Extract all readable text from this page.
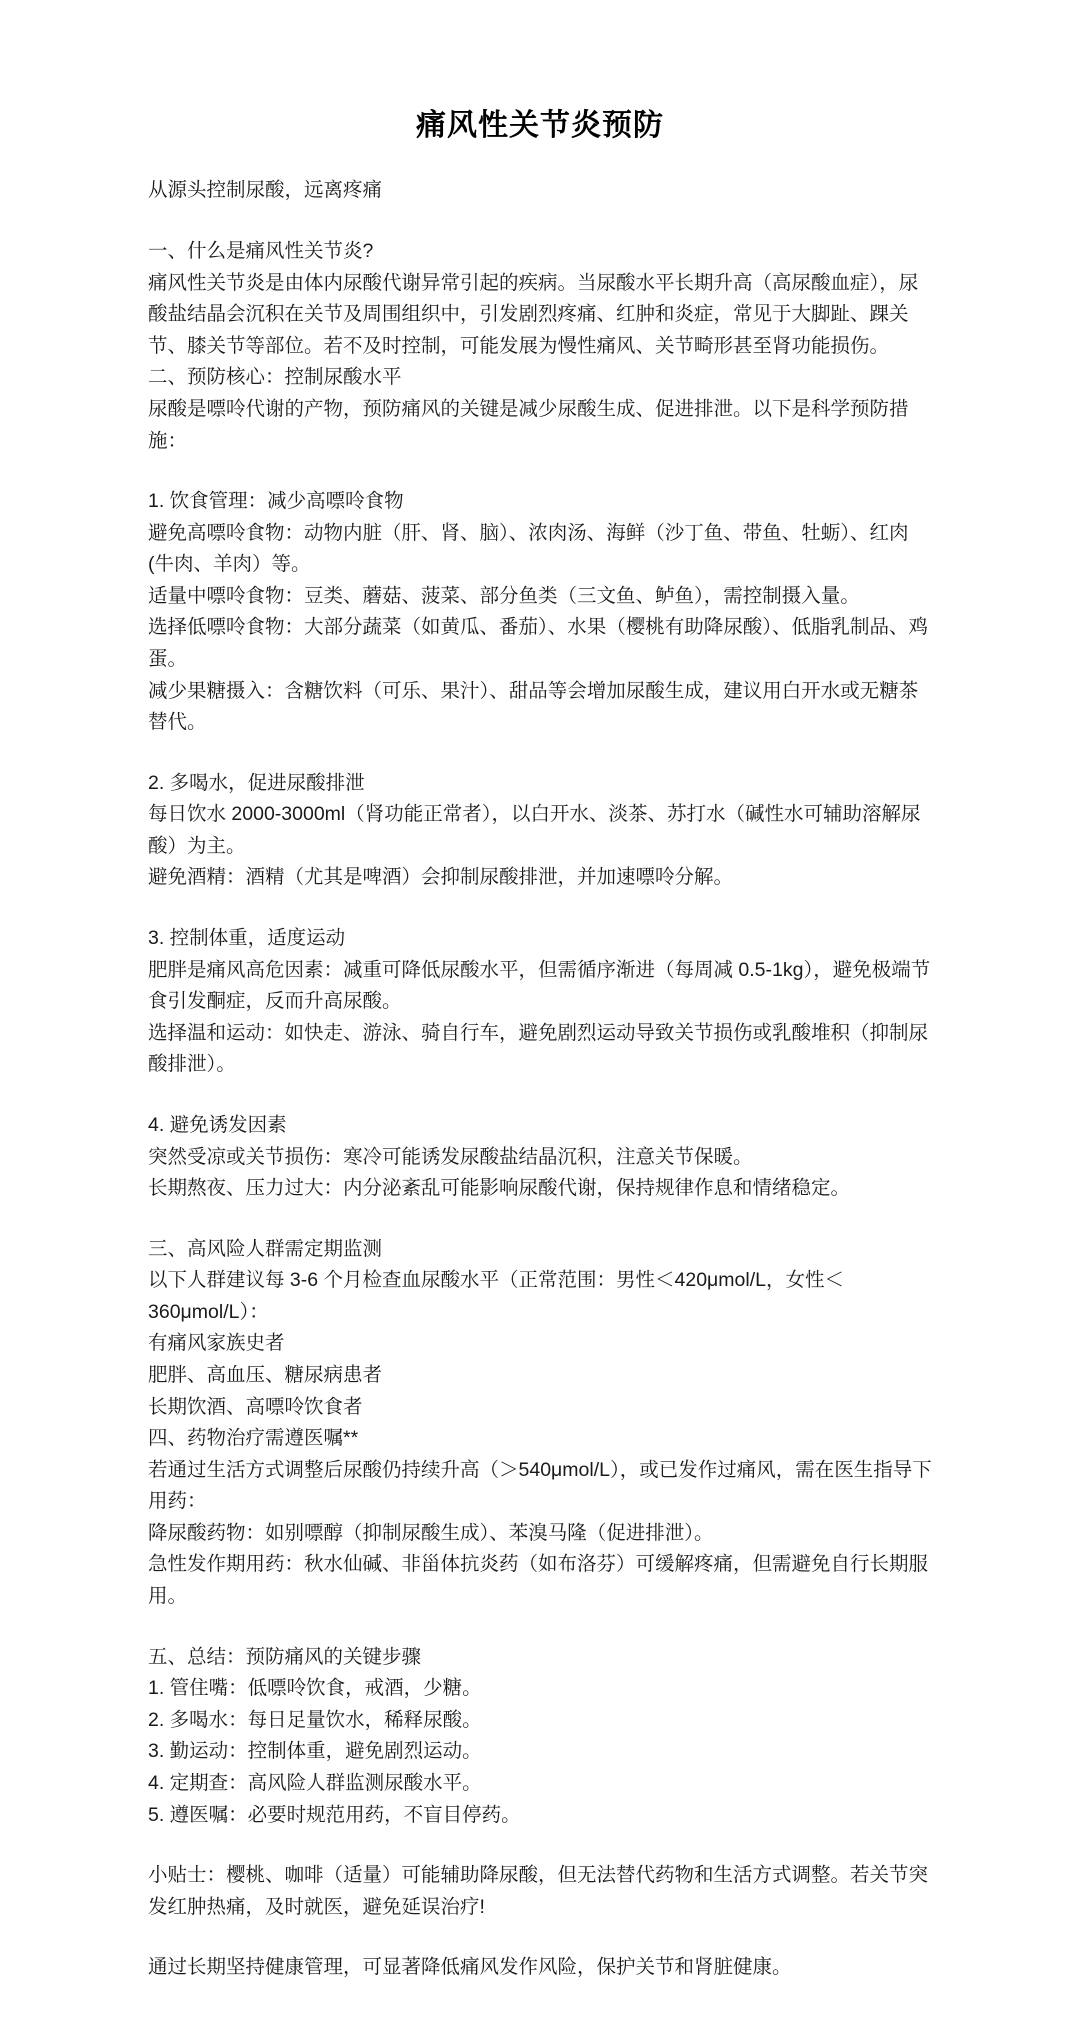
痛风性关节炎预防

从源头控制尿酸，远离疼痛

一、什么是痛风性关节炎?

痛风性关节炎是由体内尿酸代谢异常引起的疾病。当尿酸水平长期升高（高尿酸血症），尿酸盐结晶会沉积在关节及周围组织中，引发剧烈疼痛、红肿和炎症，常见于大脚趾、踝关节、膝关节等部位。若不及时控制，可能发展为慢性痛风、关节畸形甚至肾功能损伤。

二、预防核心：控制尿酸水平

尿酸是嘌呤代谢的产物，预防痛风的关键是减少尿酸生成、促进排泄。以下是科学预防措施：

1. 饮食管理：减少高嘌呤食物

避免高嘌呤食物：动物内脏（肝、肾、脑）、浓肉汤、海鲜（沙丁鱼、带鱼、牡蛎）、红肉(牛肉、羊肉）等。

适量中嘌呤食物：豆类、蘑菇、菠菜、部分鱼类（三文鱼、鲈鱼），需控制摄入量。

选择低嘌呤食物：大部分蔬菜（如黄瓜、番茄）、水果（樱桃有助降尿酸）、低脂乳制品、鸡蛋。

减少果糖摄入：含糖饮料（可乐、果汁）、甜品等会增加尿酸生成，建议用白开水或无糖茶替代。

2. 多喝水，促进尿酸排泄

每日饮水 2000-3000ml（肾功能正常者），以白开水、淡茶、苏打水（碱性水可辅助溶解尿酸）为主。

避免酒精：酒精（尤其是啤酒）会抑制尿酸排泄，并加速嘌呤分解。

3. 控制体重，适度运动

肥胖是痛风高危因素：减重可降低尿酸水平，但需循序渐进（每周减 0.5-1kg），避免极端节食引发酮症，反而升高尿酸。

选择温和运动：如快走、游泳、骑自行车，避免剧烈运动导致关节损伤或乳酸堆积（抑制尿酸排泄）。

4. 避免诱发因素

突然受凉或关节损伤：寒冷可能诱发尿酸盐结晶沉积，注意关节保暖。

长期熬夜、压力过大：内分泌紊乱可能影响尿酸代谢，保持规律作息和情绪稳定。

三、高风险人群需定期监测

以下人群建议每 3-6 个月检查血尿酸水平（正常范围：男性＜420μmol/L，女性＜360μmol/L）：

有痛风家族史者

肥胖、高血压、糖尿病患者

长期饮酒、高嘌呤饮食者

四、药物治疗需遵医嘱**

若通过生活方式调整后尿酸仍持续升高（＞540μmol/L），或已发作过痛风，需在医生指导下用药：

降尿酸药物：如别嘌醇（抑制尿酸生成）、苯溴马隆（促进排泄）。

急性发作期用药：秋水仙碱、非甾体抗炎药（如布洛芬）可缓解疼痛，但需避免自行长期服用。

五、总结：预防痛风的关键步骤

1. 管住嘴：低嘌呤饮食，戒酒，少糖。

2. 多喝水：每日足量饮水，稀释尿酸。

3. 勤运动：控制体重，避免剧烈运动。

4. 定期查：高风险人群监测尿酸水平。

5. 遵医嘱：必要时规范用药，不盲目停药。

小贴士：樱桃、咖啡（适量）可能辅助降尿酸，但无法替代药物和生活方式调整。若关节突发红肿热痛，及时就医，避免延误治疗!

通过长期坚持健康管理，可显著降低痛风发作风险，保护关节和肾脏健康。
